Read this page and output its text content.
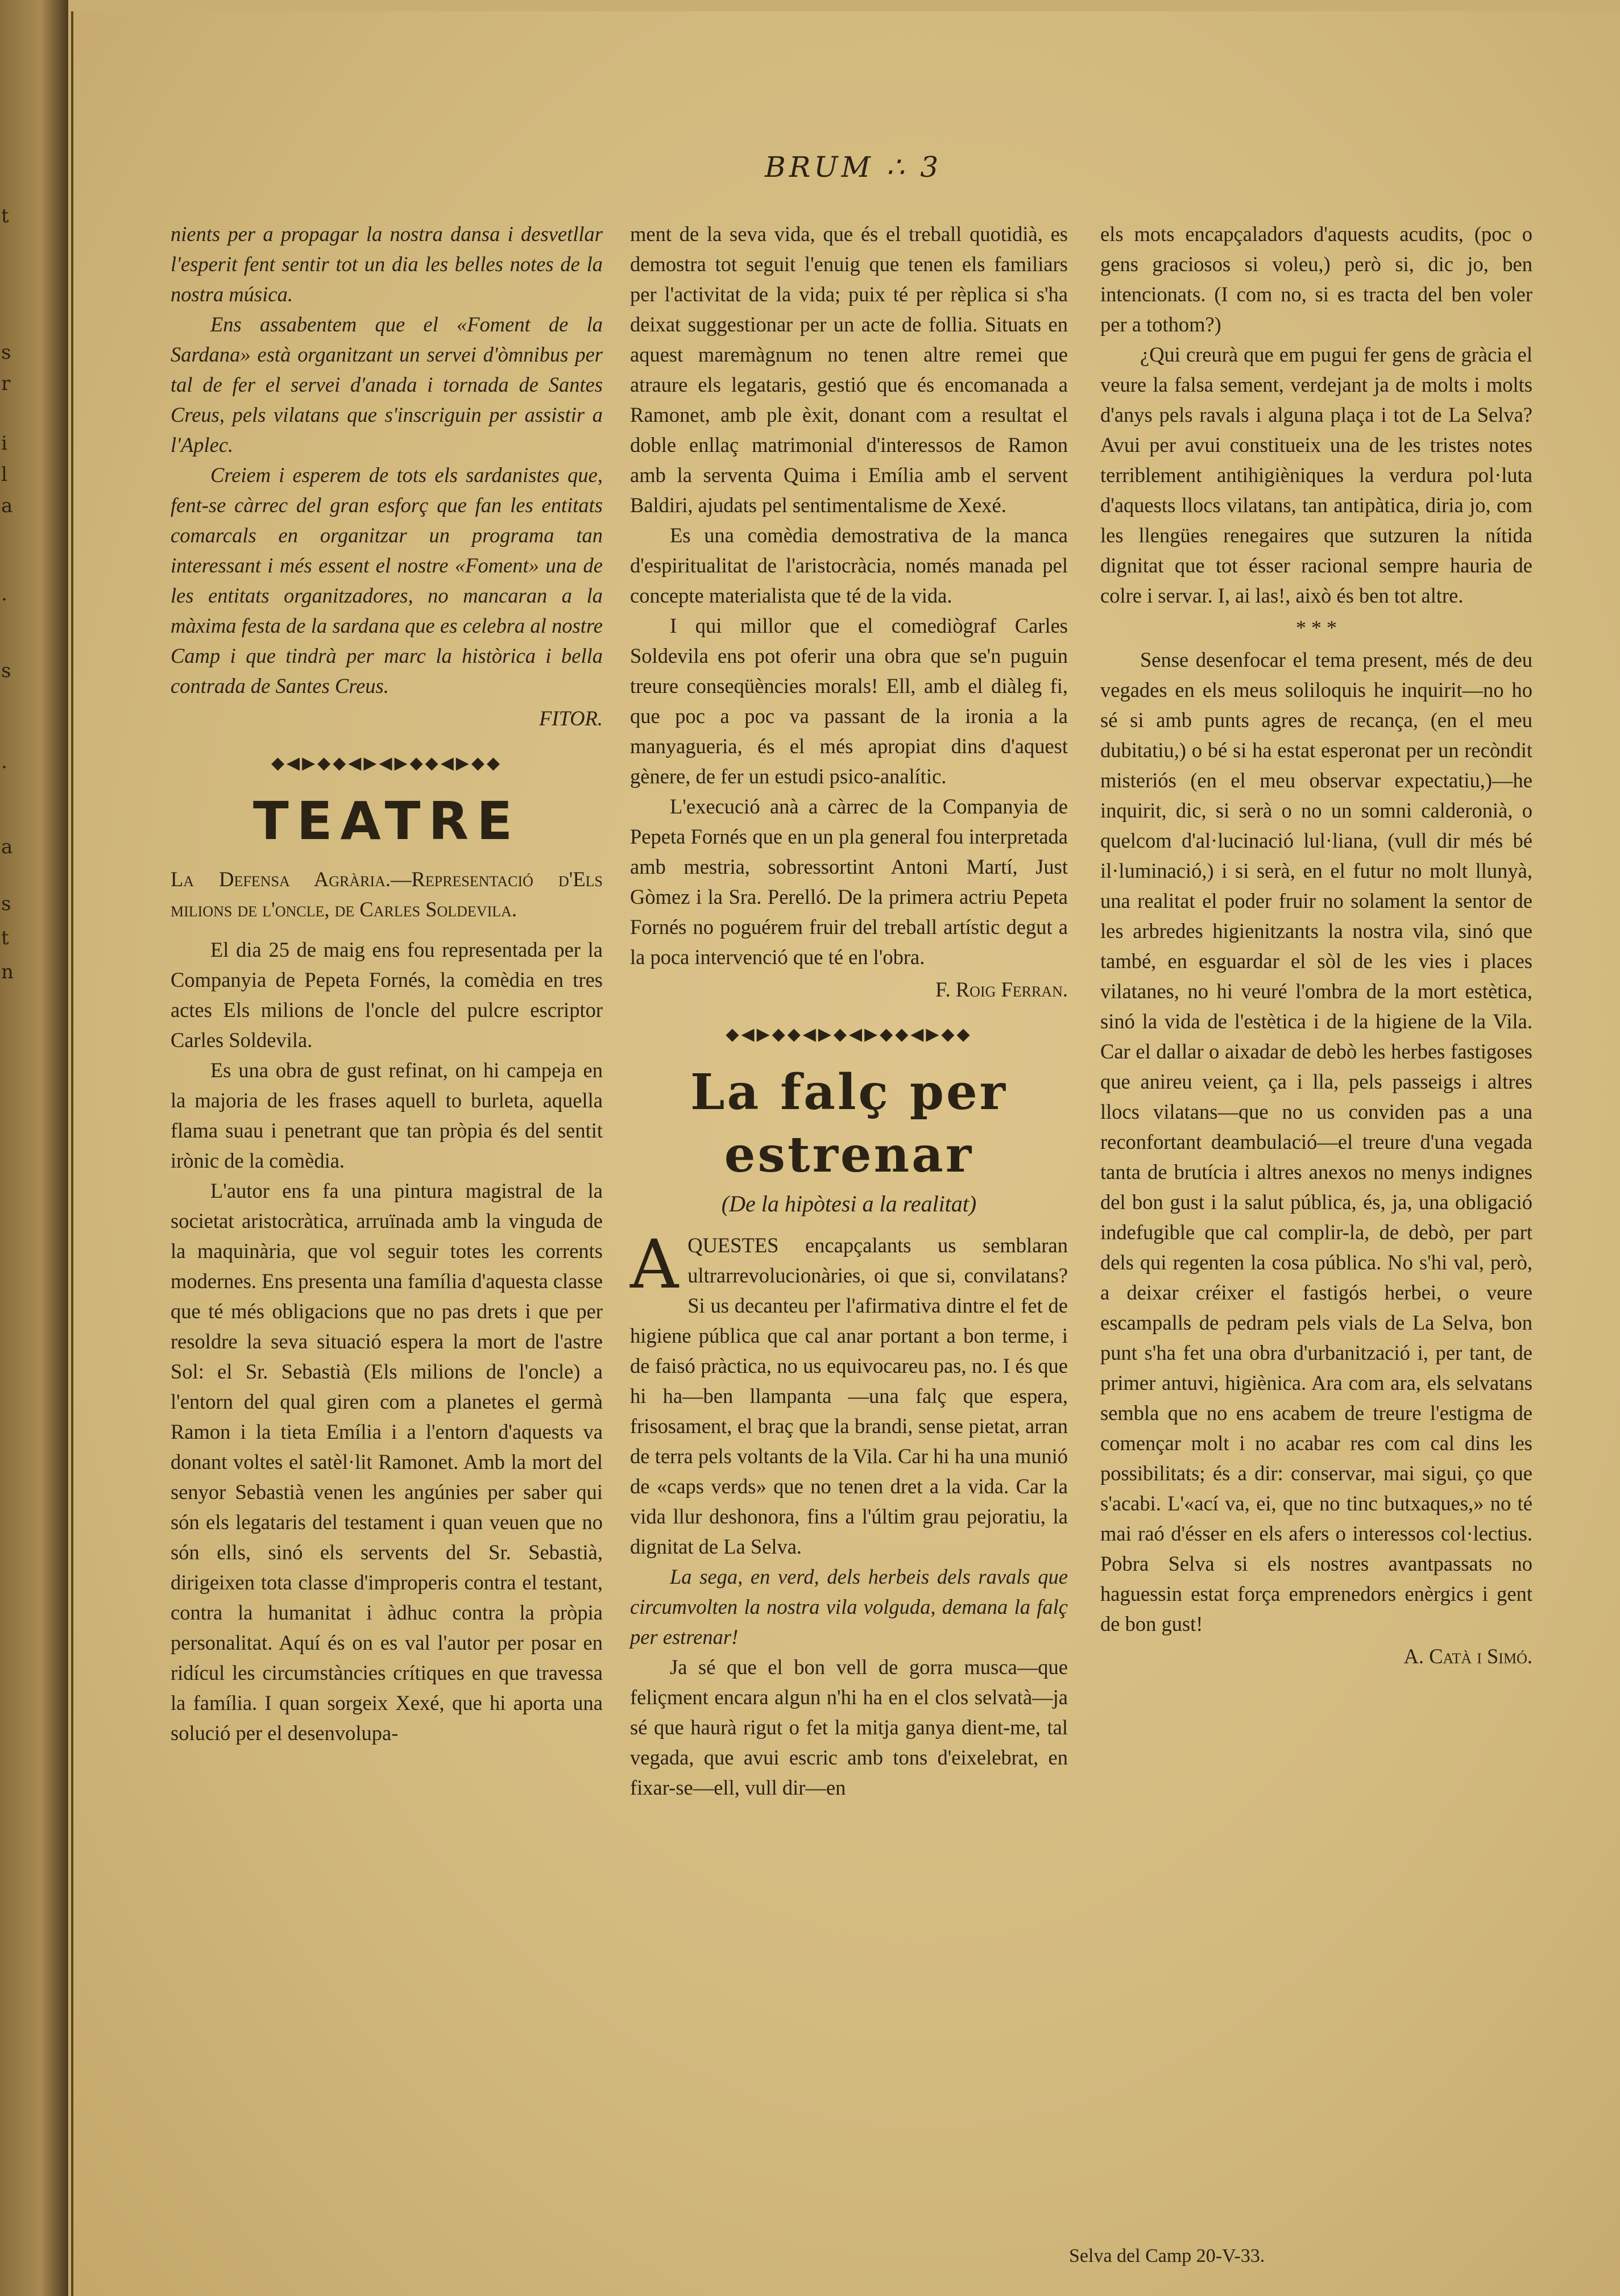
t
s
r
i
l
a
.
s
.
a
s
t
n
BRUM ∴ 3

nients per a propagar la nostra dansa i desvetllar l'esperit fent sentir tot un dia les belles notes de la nostra música.

Ens assabentem que el «Foment de la Sardana» està organitzant un servei d'òmnibus per tal de fer el servei d'anada i tornada de Santes Creus, pels vilatans que s'inscriguin per assistir a l'Aplec.

Creiem i esperem de tots els sardanistes que, fent-se càrrec del gran esforç que fan les entitats comarcals en organitzar un programa tan interessant i més essent el nostre «Foment» una de les entitats organitzadores, no mancaran a la màxima festa de la sardana que es celebra al nostre Camp i que tindrà per marc la històrica i bella contrada de Santes Creus.

FITOR.

◆◀▶◆◆◀▶◀▶◆◆◀▶◆◆
TEATRE

La Defensa Agrària.—Representació d'Els milions de l'oncle, de Carles Soldevila.

El dia 25 de maig ens fou representada per la Companyia de Pepeta Fornés, la comèdia en tres actes Els milions de l'oncle del pulcre escriptor Carles Soldevila.

Es una obra de gust refinat, on hi campeja en la majoria de les frases aquell to burleta, aquella flama suau i penetrant que tan pròpia és del sentit irònic de la comèdia.

L'autor ens fa una pintura magistral de la societat aristocràtica, arruïnada amb la vinguda de la maquinària, que vol seguir totes les corrents modernes. Ens presenta una família d'aquesta classe que té més obligacions que no pas drets i que per resoldre la seva situació espera la mort de l'astre Sol: el Sr. Sebastià (Els milions de l'oncle) a l'entorn del qual giren com a planetes el germà Ramon i la tieta Emília i a l'entorn d'aquests va donant voltes el satèl·lit Ramonet. Amb la mort del senyor Sebastià venen les angúnies per saber qui són els legataris del testament i quan veuen que no són ells, sinó els servents del Sr. Sebastià, dirigeixen tota classe d'improperis contra el testant, contra la humanitat i àdhuc contra la pròpia personalitat. Aquí és on es val l'autor per posar en ridícul les circumstàncies crítiques en que travessa la família. I quan sorgeix Xexé, que hi aporta una solució per el desenvolupa-

ment de la seva vida, que és el treball quotidià, es demostra tot seguit l'enuig que tenen els familiars per l'activitat de la vida; puix té per rèplica si s'ha deixat suggestionar per un acte de follia. Situats en aquest maremàgnum no tenen altre remei que atraure els legataris, gestió que és encomanada a Ramonet, amb ple èxit, donant com a resultat el doble enllaç matrimonial d'interessos de Ramon amb la serventa Quima i Emília amb el servent Baldiri, ajudats pel sentimentalisme de Xexé.

Es una comèdia demostrativa de la manca d'espiritualitat de l'aristocràcia, només manada pel concepte materialista que té de la vida.

I qui millor que el comediògraf Carles Soldevila ens pot oferir una obra que se'n puguin treure conseqüències morals! Ell, amb el diàleg fi, que poc a poc va passant de la ironia a la manyagueria, és el més apropiat dins d'aquest gènere, de fer un estudi psico-analític.

L'execució anà a càrrec de la Companyia de Pepeta Fornés que en un pla general fou interpretada amb mestria, sobressortint Antoni Martí, Just Gòmez i la Sra. Perelló. De la primera actriu Pepeta Fornés no poguérem fruir del treball artístic degut a la poca intervenció que té en l'obra.

F. Roig Ferran.

◆◀▶◆◆◀▶◆◀▶◆◆◀▶◆◆
La falç per estrenar
(De la hipòtesi a la realitat)

A QUESTES encapçalants us semblaran ultrarrevolucionàries, oi que si, convilatans? Si us decanteu per l'afirmativa dintre el fet de higiene pública que cal anar portant a bon terme, i de faisó pràctica, no us equivocareu pas, no. I és que hi ha—ben llampanta —una falç que espera, frisosament, el braç que la brandi, sense pietat, arran de terra pels voltants de la Vila. Car hi ha una munió de «caps verds» que no tenen dret a la vida. Car la vida llur deshonora, fins a l'últim grau pejoratiu, la dignitat de La Selva.

La sega, en verd, dels herbeis dels ravals que circumvolten la nostra vila volguda, demana la falç per estrenar!

Ja sé que el bon vell de gorra musca—que feliçment encara algun n'hi ha en el clos selvatà—ja sé que haurà rigut o fet la mitja ganya dient-me, tal vegada, que avui escric amb tons d'eixelebrat, en fixar-se—ell, vull dir—en

els mots encapçaladors d'aquests acudits, (poc o gens graciosos si voleu,) però si, dic jo, ben intencionats. (I com no, si es tracta del ben voler per a tothom?)

¿Qui creurà que em pugui fer gens de gràcia el veure la falsa sement, verdejant ja de molts i molts d'anys pels ravals i alguna plaça i tot de La Selva? Avui per avui constitueix una de les tristes notes terriblement antihigièniques la verdura pol·luta d'aquests llocs vilatans, tan antipàtica, diria jo, com les llengües renegaires que sutzuren la nítida dignitat que tot ésser racional sempre hauria de colre i servar. I, ai las!, això és ben tot altre.

* * *

Sense desenfocar el tema present, més de deu vegades en els meus soliloquis he inquirit—no ho sé si amb punts agres de recança, (en el meu dubitatiu,) o bé si ha estat esperonat per un recòndit misteriós (en el meu observar expectatiu,)—he inquirit, dic, si serà o no un somni calderonià, o quelcom d'al·lucinació lul·liana, (vull dir més bé il·luminació,) i si serà, en el futur no molt llunyà, una realitat el poder fruir no solament la sentor de les arbredes higienitzants la nostra vila, sinó que també, en esguardar el sòl de les vies i places vilatanes, no hi veuré l'ombra de la mort estètica, sinó la vida de l'estètica i de la higiene de la Vila. Car el dallar o aixadar de debò les herbes fastigoses que anireu veient, ça i lla, pels passeigs i altres llocs vilatans—que no us conviden pas a una reconfortant deambulació—el treure d'una vegada tanta de brutícia i altres anexos no menys indignes del bon gust i la salut pública, és, ja, una obligació indefugible que cal complir-la, de debò, per part dels qui regenten la cosa pública. No s'hi val, però, a deixar créixer el fastigós herbei, o veure escampalls de pedram pels vials de La Selva, bon punt s'ha fet una obra d'urbanització i, per tant, de primer antuvi, higiènica. Ara com ara, els selvatans sembla que no ens acabem de treure l'estigma de començar molt i no acabar res com cal dins les possibilitats; és a dir: conservar, mai sigui, ço que s'acabi. L'«ací va, ei, que no tinc butxaques,» no té mai raó d'ésser en els afers o interessos col·lectius. Pobra Selva si els nostres avantpassats no haguessin estat força emprenedors enèrgics i gent de bon gust!

A. Catà i Simó.

Selva del Camp 20-V-33.
